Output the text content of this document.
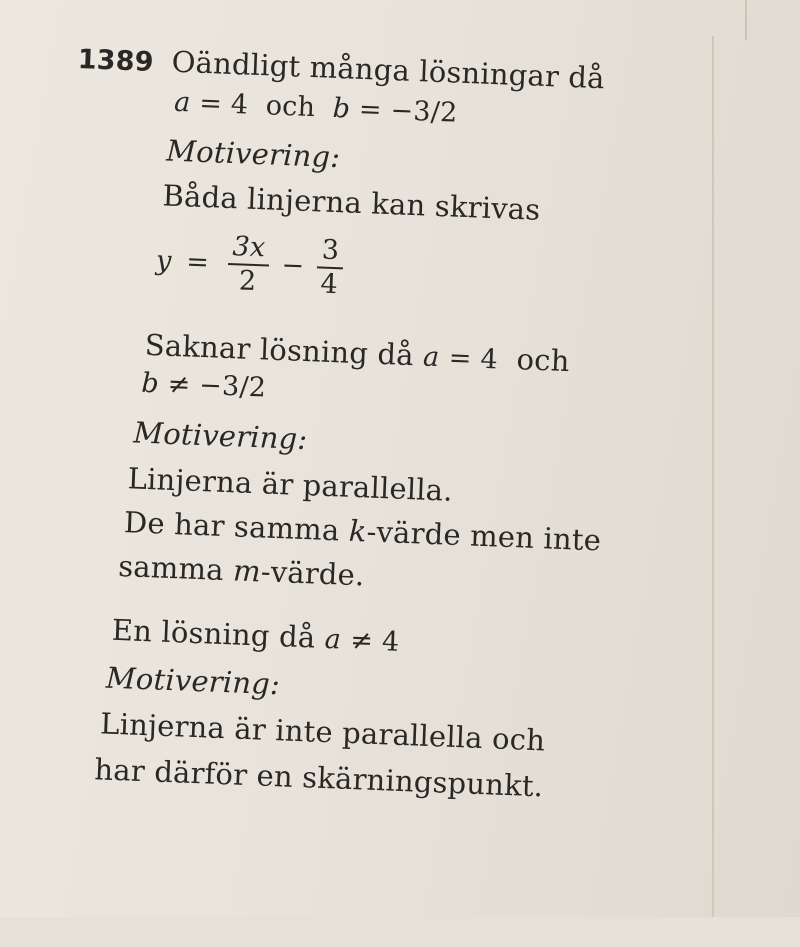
1389 Oändligt många lösningar då
a = 4 och b = −3/2
Motivering:
Båda linjerna kan skrivas
$y = \frac{3x}{2} - \frac{3}{4}$
Saknar lösning då a = 4 och
b ≠ −3/2
Motivering:
Linjerna är parallella.
De har samma k-värde men inte
samma m-värde.
En lösning då a ≠ 4
Motivering:
Linjerna är inte parallella och
har därför en skärningspunkt.
